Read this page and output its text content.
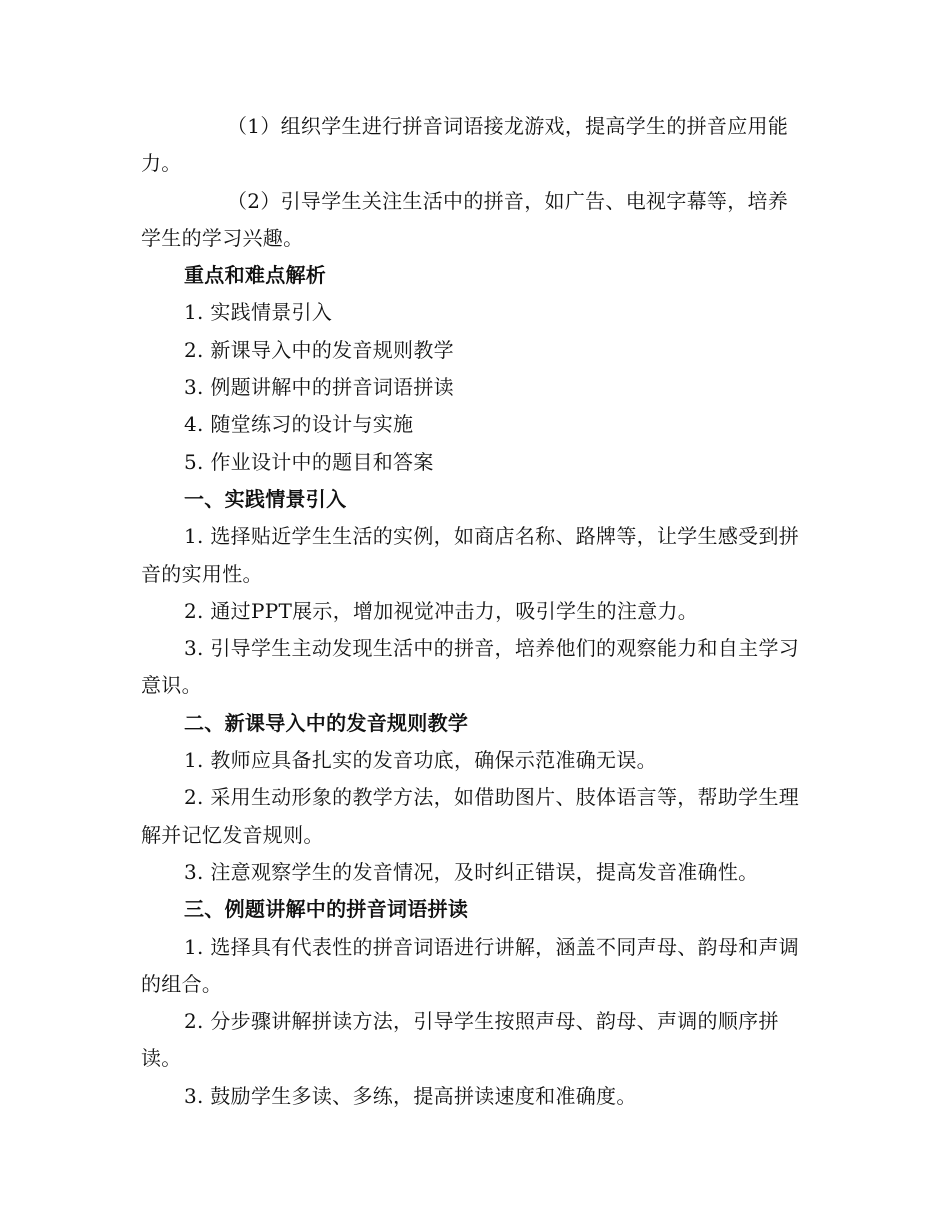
（1）组织学生进行拼音词语接龙游戏，提高学生的拼音应用能力。

（2）引导学生关注生活中的拼音，如广告、电视字幕等，培养学生的学习兴趣。

重点和难点解析

1. 实践情景引入

2. 新课导入中的发音规则教学

3. 例题讲解中的拼音词语拼读

4. 随堂练习的设计与实施

5. 作业设计中的题目和答案

一、实践情景引入

1. 选择贴近学生生活的实例，如商店名称、路牌等，让学生感受到拼音的实用性。

2. 通过PPT展示，增加视觉冲击力，吸引学生的注意力。

3. 引导学生主动发现生活中的拼音，培养他们的观察能力和自主学习意识。

二、新课导入中的发音规则教学

1. 教师应具备扎实的发音功底，确保示范准确无误。

2. 采用生动形象的教学方法，如借助图片、肢体语言等，帮助学生理解并记忆发音规则。

3. 注意观察学生的发音情况，及时纠正错误，提高发音准确性。

三、例题讲解中的拼音词语拼读

1. 选择具有代表性的拼音词语进行讲解，涵盖不同声母、韵母和声调的组合。

2. 分步骤讲解拼读方法，引导学生按照声母、韵母、声调的顺序拼读。

3. 鼓励学生多读、多练，提高拼读速度和准确度。
